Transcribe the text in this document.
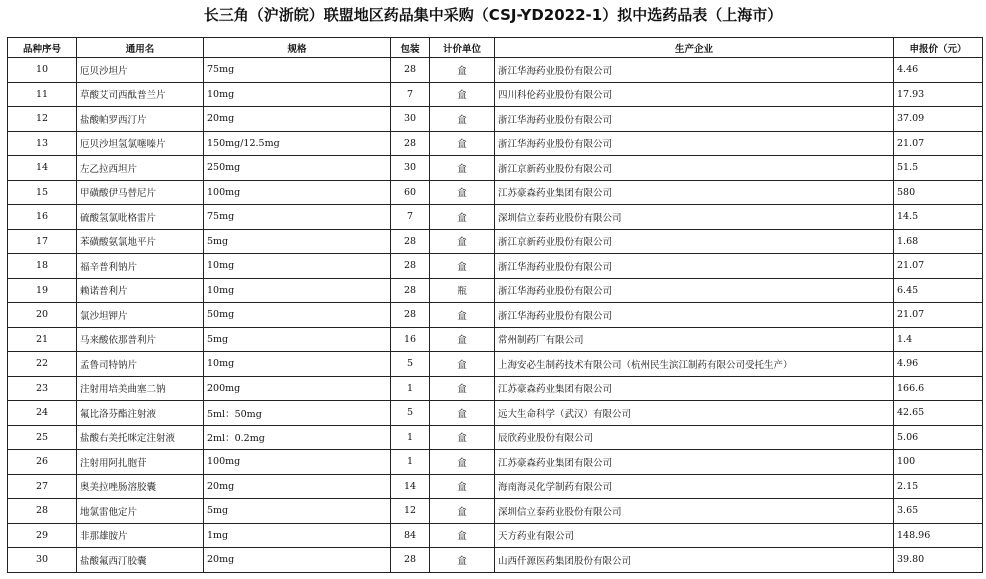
长三角（沪浙皖）联盟地区药品集中采购（CSJ-YD2022-1）拟中选药品表（上海市）
品种序号	通用名	规格	包装	计价单位	生产企业	申报价（元）
10	厄贝沙坦片	75mg	28	盒	浙江华海药业股份有限公司	4.46
11	草酸艾司西酞普兰片	10mg	7	盒	四川科伦药业股份有限公司	17.93
12	盐酸帕罗西汀片	20mg	30	盒	浙江华海药业股份有限公司	37.09
13	厄贝沙坦氢氯噻嗪片	150mg/12.5mg	28	盒	浙江华海药业股份有限公司	21.07
14	左乙拉西坦片	250mg	30	盒	浙江京新药业股份有限公司	51.5
15	甲磺酸伊马替尼片	100mg	60	盒	江苏豪森药业集团有限公司	580
16	硫酸氢氯吡格雷片	75mg	7	盒	深圳信立泰药业股份有限公司	14.5
17	苯磺酸氨氯地平片	5mg	28	盒	浙江京新药业股份有限公司	1.68
18	福辛普利钠片	10mg	28	盒	浙江华海药业股份有限公司	21.07
19	赖诺普利片	10mg	28	瓶	浙江华海药业股份有限公司	6.45
20	氯沙坦钾片	50mg	28	盒	浙江华海药业股份有限公司	21.07
21	马来酸依那普利片	5mg	16	盒	常州制药厂有限公司	1.4
22	孟鲁司特钠片	10mg	5	盒	上海安必生制药技术有限公司（杭州民生滨江制药有限公司受托生产）	4.96
23	注射用培美曲塞二钠	200mg	1	盒	江苏豪森药业集团有限公司	166.6
24	氟比洛芬酯注射液	5ml：50mg	5	盒	远大生命科学（武汉）有限公司	42.65
25	盐酸右美托咪定注射液	2ml：0.2mg	1	盒	辰欣药业股份有限公司	5.06
26	注射用阿扎胞苷	100mg	1	盒	江苏豪森药业集团有限公司	100
27	奥美拉唑肠溶胶囊	20mg	14	盒	海南海灵化学制药有限公司	2.15
28	地氯雷他定片	5mg	12	盒	深圳信立泰药业股份有限公司	3.65
29	非那雄胺片	1mg	84	盒	天方药业有限公司	148.96
30	盐酸氟西汀胶囊	20mg	28	盒	山西仟源医药集团股份有限公司	39.80
